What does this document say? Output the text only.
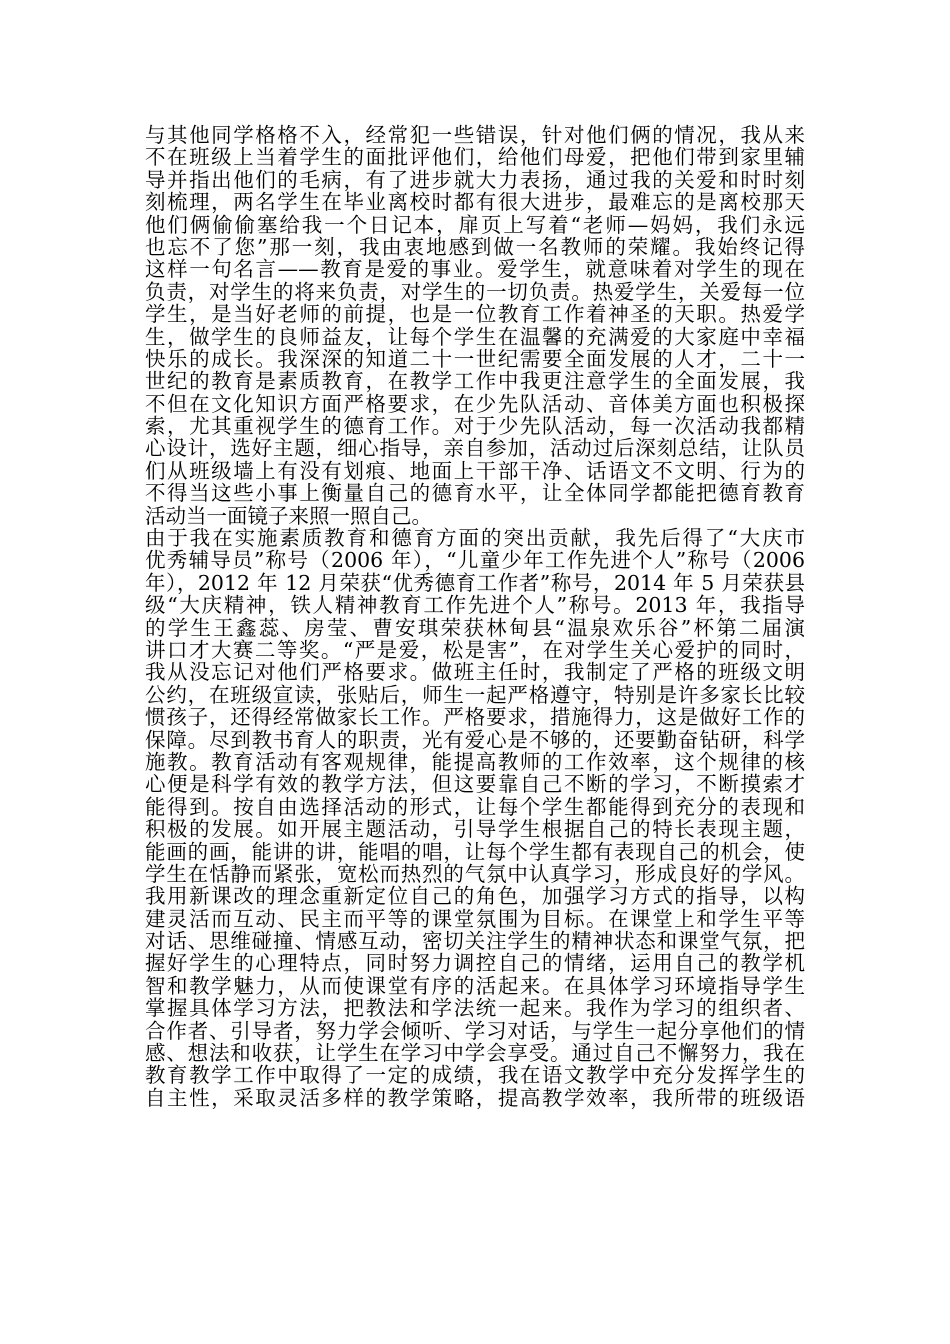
与其他同学格格不入，经常犯一些错误，针对他们俩的情况，我从来
不在班级上当着学生的面批评他们，给他们母爱，把他们带到家里辅
导并指出他们的毛病，有了进步就大力表扬，通过我的关爱和时时刻
刻梳理，两名学生在毕业离校时都有很大进步，最难忘的是离校那天
他们俩偷偷塞给我一个日记本，扉页上写着“老师—妈妈，我们永远
也忘不了您”那一刻，我由衷地感到做一名教师的荣耀。我始终记得
这样一句名言——教育是爱的事业。爱学生，就意味着对学生的现在
负责，对学生的将来负责，对学生的一切负责。热爱学生，关爱每一位
学生，是当好老师的前提，也是一位教育工作着神圣的天职。热爱学
生，做学生的良师益友，让每个学生在温馨的充满爱的大家庭中幸福
快乐的成长。我深深的知道二十一世纪需要全面发展的人才，二十一
世纪的教育是素质教育，在教学工作中我更注意学生的全面发展，我
不但在文化知识方面严格要求，在少先队活动、音体美方面也积极探
索，尤其重视学生的德育工作。对于少先队活动，每一次活动我都精
心设计，选好主题，细心指导，亲自参加，活动过后深刻总结，让队员
们从班级墙上有没有划痕、地面上干部干净、话语文不文明、行为的
不得当这些小事上衡量自己的德育水平，让全体同学都能把德育教育
活动当一面镜子来照一照自己。
由于我在实施素质教育和德育方面的突出贡献，我先后得了“大庆市
优秀辅导员”称号（2006 年），“儿童少年工作先进个人”称号（2006
年），2012 年 12 月荣获“优秀德育工作者”称号，2014 年 5 月荣获县
级“大庆精神，铁人精神教育工作先进个人”称号。2013 年，我指导
的学生王鑫蕊、房莹、曹安琪荣获林甸县“温泉欢乐谷”杯第二届演
讲口才大赛二等奖。“严是爱，松是害”，在对学生关心爱护的同时，
我从没忘记对他们严格要求。做班主任时，我制定了严格的班级文明
公约，在班级宣读，张贴后，师生一起严格遵守，特别是许多家长比较
惯孩子，还得经常做家长工作。严格要求，措施得力，这是做好工作的
保障。尽到教书育人的职责，光有爱心是不够的，还要勤奋钻研，科学
施教。教育活动有客观规律，能提高教师的工作效率，这个规律的核
心便是科学有效的教学方法，但这要靠自己不断的学习，不断摸索才
能得到。按自由选择活动的形式，让每个学生都能得到充分的表现和
积极的发展。如开展主题活动，引导学生根据自己的特长表现主题，
能画的画，能讲的讲，能唱的唱，让每个学生都有表现自己的机会，使
学生在恬静而紧张，宽松而热烈的气氛中认真学习，形成良好的学风。
我用新课改的理念重新定位自己的角色，加强学习方式的指导，以构
建灵活而互动、民主而平等的课堂氛围为目标。在课堂上和学生平等
对话、思维碰撞、情感互动，密切关注学生的精神状态和课堂气氛，把
握好学生的心理特点，同时努力调控自己的情绪，运用自己的教学机
智和教学魅力，从而使课堂有序的活起来。在具体学习环境指导学生
掌握具体学习方法，把教法和学法统一起来。我作为学习的组织者、
合作者、引导者，努力学会倾听、学习对话，与学生一起分享他们的情
感、想法和收获，让学生在学习中学会享受。通过自己不懈努力，我在
教育教学工作中取得了一定的成绩，我在语文教学中充分发挥学生的
自主性，采取灵活多样的教学策略，提高教学效率，我所带的班级语
